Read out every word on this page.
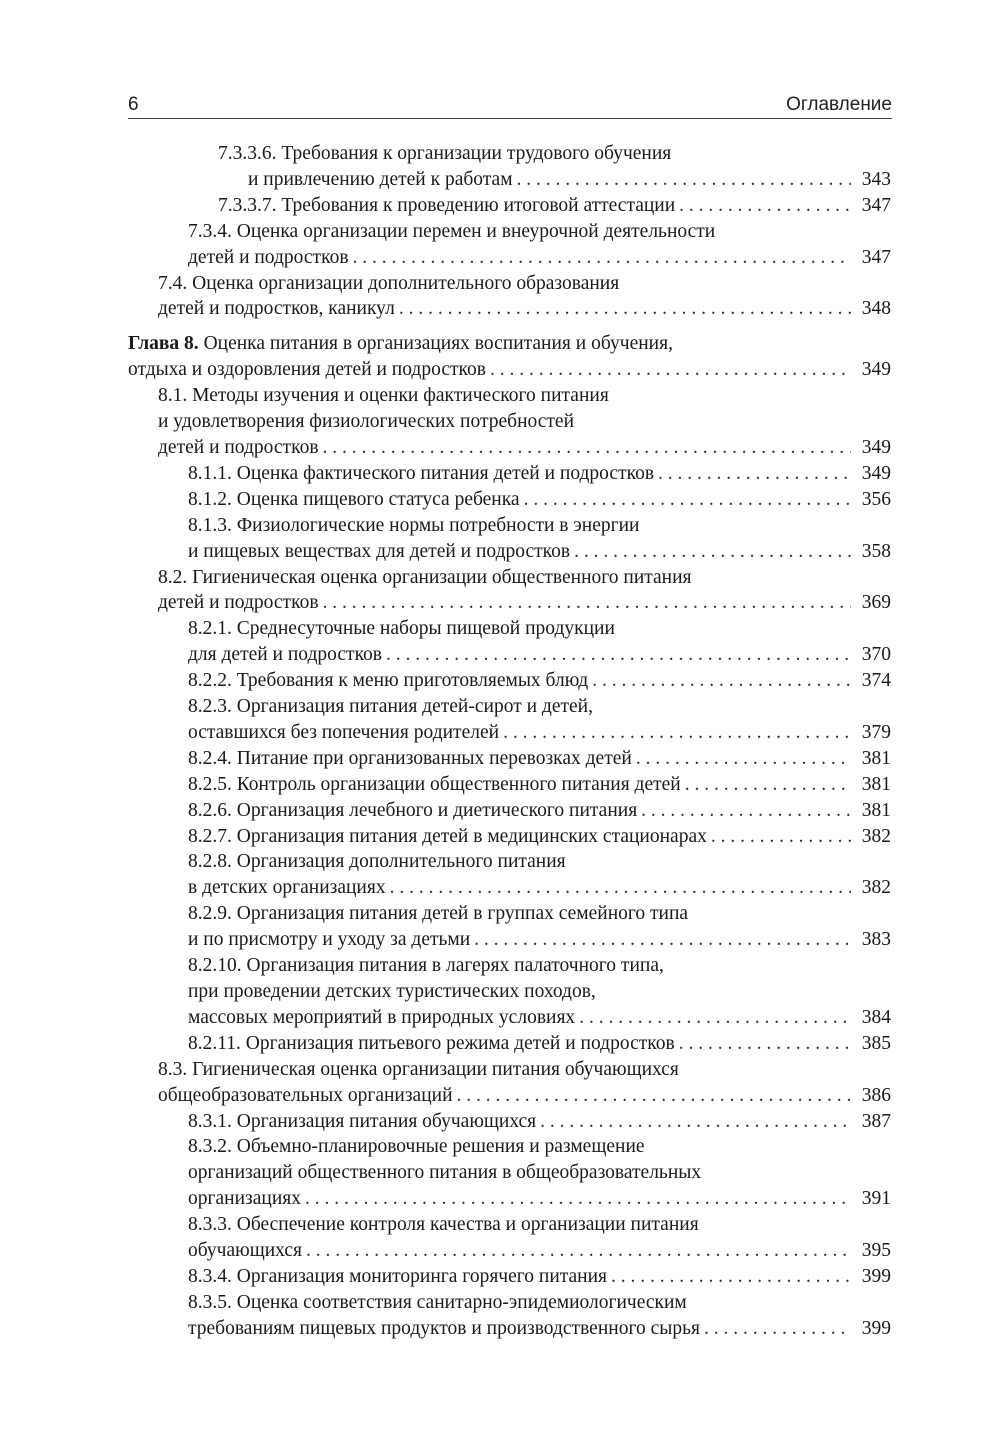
6	Оглавление
7.3.3.6. Требования к организации трудового обучения
и привлечению детей к работам . . .	343
7.3.3.7. Требования к проведению итоговой аттестации . . .	347
7.3.4. Оценка организации перемен и внеурочной деятельности
детей и подростков . . .	347
7.4. Оценка организации дополнительного образования
детей и подростков, каникул . . .	348
Глава 8. Оценка питания в организациях воспитания и обучения,
отдыха и оздоровления детей и подростков . . .	349
8.1. Методы изучения и оценки фактического питания
и удовлетворения физиологических потребностей
детей и подростков . . .	349
8.1.1. Оценка фактического питания детей и подростков . . .	349
8.1.2. Оценка пищевого статуса ребенка . . .	356
8.1.3. Физиологические нормы потребности в энергии
и пищевых веществах для детей и подростков . . .	358
8.2. Гигиеническая оценка организации общественного питания
детей и подростков . . .	369
8.2.1. Среднесуточные наборы пищевой продукции
для детей и подростков . . .	370
8.2.2. Требования к меню приготовляемых блюд . . .	374
8.2.3. Организация питания детей-сирот и детей,
оставшихся без попечения родителей . . .	379
8.2.4. Питание при организованных перевозках детей . . .	381
8.2.5. Контроль организации общественного питания детей . . .	381
8.2.6. Организация лечебного и диетического питания . . .	381
8.2.7. Организация питания детей в медицинских стационарах . . .	382
8.2.8. Организация дополнительного питания
в детских организациях . . .	382
8.2.9. Организация питания детей в группах семейного типа
и по присмотру и уходу за детьми . . .	383
8.2.10. Организация питания в лагерях палаточного типа,
при проведении детских туристических походов,
массовых мероприятий в природных условиях . . .	384
8.2.11. Организация питьевого режима детей и подростков . . .	385
8.3. Гигиеническая оценка организации питания обучающихся
общеобразовательных организаций . . .	386
8.3.1. Организация питания обучающихся . . .	387
8.3.2. Объемно-планировочные решения и размещение
организаций общественного питания в общеобразовательных
организациях . . .	391
8.3.3. Обеспечение контроля качества и организации питания
обучающихся . . .	395
8.3.4. Организация мониторинга горячего питания . . .	399
8.3.5. Оценка соответствия санитарно-эпидемиологическим
требованиям пищевых продуктов и производственного сырья . . .	399
